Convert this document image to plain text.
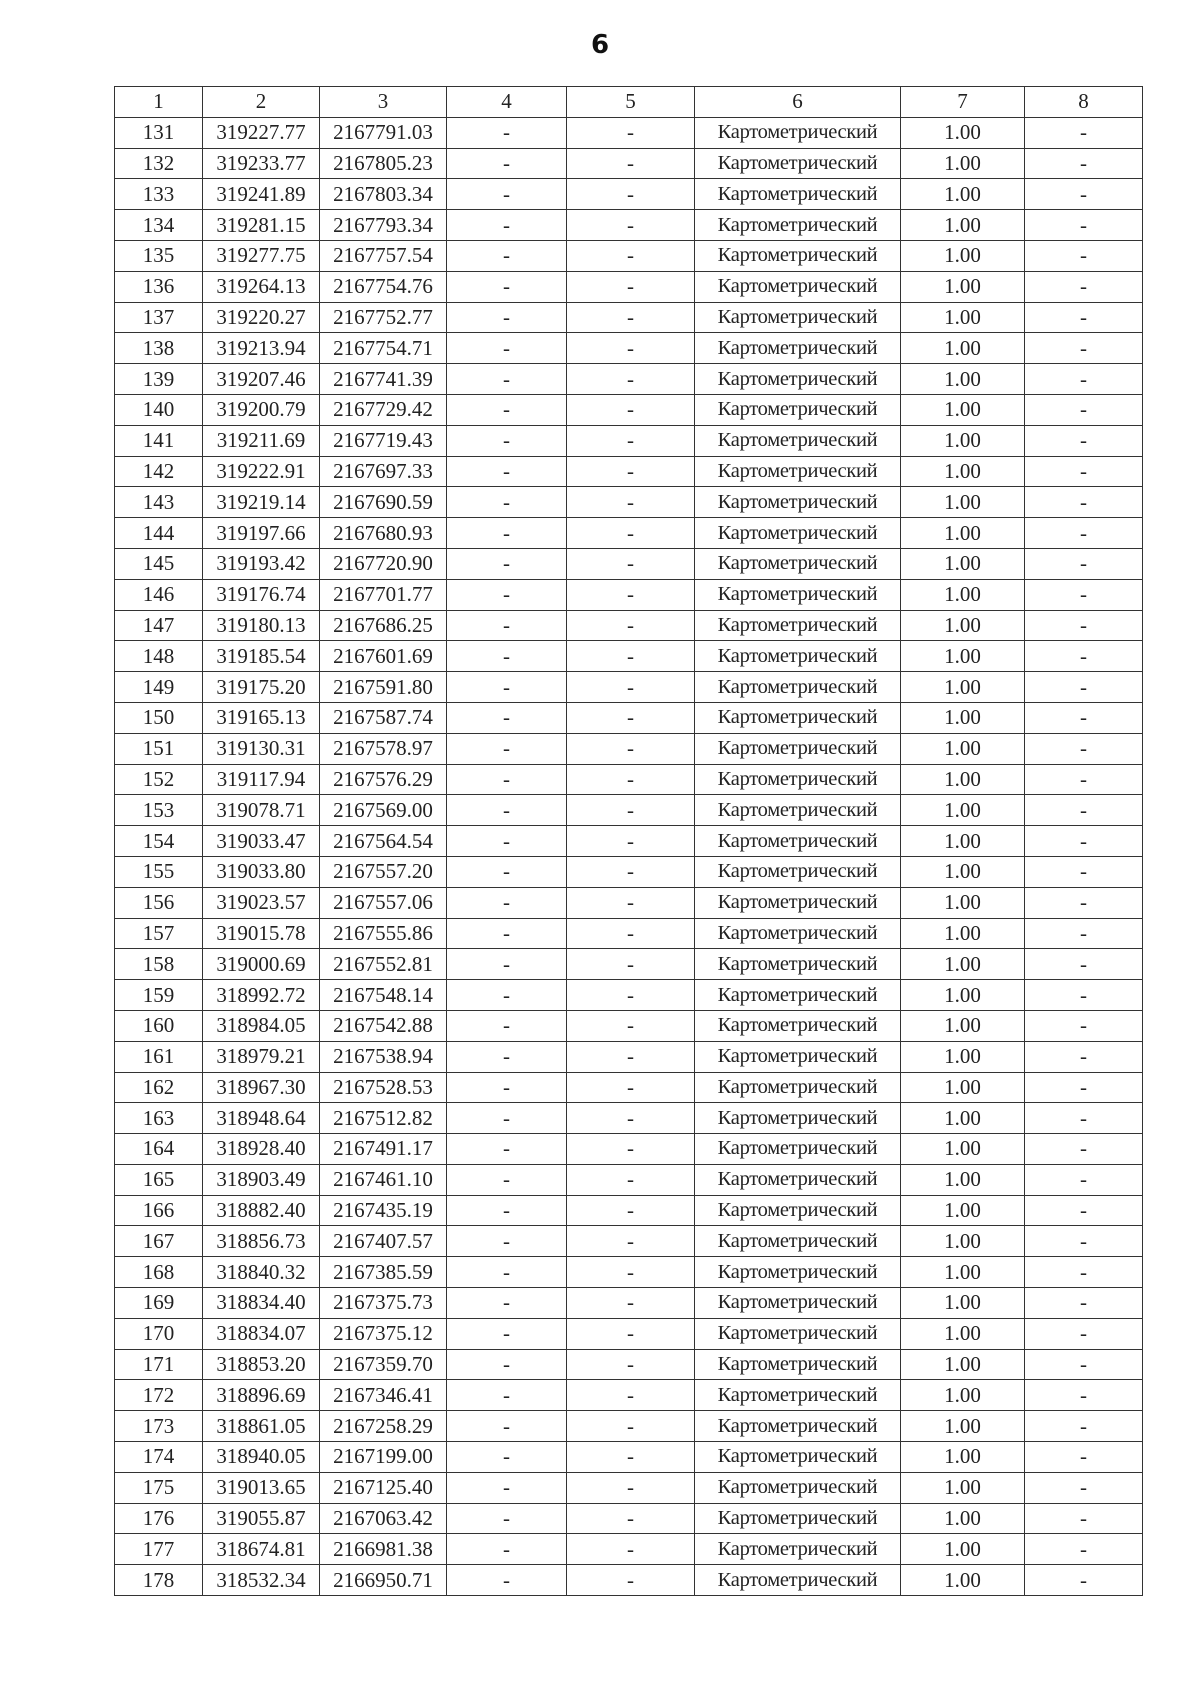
6
1	2	3	4	5	6	7	8
131	319227.77	2167791.03	-	-	Картометрический	1.00	-
132	319233.77	2167805.23	-	-	Картометрический	1.00	-
133	319241.89	2167803.34	-	-	Картометрический	1.00	-
134	319281.15	2167793.34	-	-	Картометрический	1.00	-
135	319277.75	2167757.54	-	-	Картометрический	1.00	-
136	319264.13	2167754.76	-	-	Картометрический	1.00	-
137	319220.27	2167752.77	-	-	Картометрический	1.00	-
138	319213.94	2167754.71	-	-	Картометрический	1.00	-
139	319207.46	2167741.39	-	-	Картометрический	1.00	-
140	319200.79	2167729.42	-	-	Картометрический	1.00	-
141	319211.69	2167719.43	-	-	Картометрический	1.00	-
142	319222.91	2167697.33	-	-	Картометрический	1.00	-
143	319219.14	2167690.59	-	-	Картометрический	1.00	-
144	319197.66	2167680.93	-	-	Картометрический	1.00	-
145	319193.42	2167720.90	-	-	Картометрический	1.00	-
146	319176.74	2167701.77	-	-	Картометрический	1.00	-
147	319180.13	2167686.25	-	-	Картометрический	1.00	-
148	319185.54	2167601.69	-	-	Картометрический	1.00	-
149	319175.20	2167591.80	-	-	Картометрический	1.00	-
150	319165.13	2167587.74	-	-	Картометрический	1.00	-
151	319130.31	2167578.97	-	-	Картометрический	1.00	-
152	319117.94	2167576.29	-	-	Картометрический	1.00	-
153	319078.71	2167569.00	-	-	Картометрический	1.00	-
154	319033.47	2167564.54	-	-	Картометрический	1.00	-
155	319033.80	2167557.20	-	-	Картометрический	1.00	-
156	319023.57	2167557.06	-	-	Картометрический	1.00	-
157	319015.78	2167555.86	-	-	Картометрический	1.00	-
158	319000.69	2167552.81	-	-	Картометрический	1.00	-
159	318992.72	2167548.14	-	-	Картометрический	1.00	-
160	318984.05	2167542.88	-	-	Картометрический	1.00	-
161	318979.21	2167538.94	-	-	Картометрический	1.00	-
162	318967.30	2167528.53	-	-	Картометрический	1.00	-
163	318948.64	2167512.82	-	-	Картометрический	1.00	-
164	318928.40	2167491.17	-	-	Картометрический	1.00	-
165	318903.49	2167461.10	-	-	Картометрический	1.00	-
166	318882.40	2167435.19	-	-	Картометрический	1.00	-
167	318856.73	2167407.57	-	-	Картометрический	1.00	-
168	318840.32	2167385.59	-	-	Картометрический	1.00	-
169	318834.40	2167375.73	-	-	Картометрический	1.00	-
170	318834.07	2167375.12	-	-	Картометрический	1.00	-
171	318853.20	2167359.70	-	-	Картометрический	1.00	-
172	318896.69	2167346.41	-	-	Картометрический	1.00	-
173	318861.05	2167258.29	-	-	Картометрический	1.00	-
174	318940.05	2167199.00	-	-	Картометрический	1.00	-
175	319013.65	2167125.40	-	-	Картометрический	1.00	-
176	319055.87	2167063.42	-	-	Картометрический	1.00	-
177	318674.81	2166981.38	-	-	Картометрический	1.00	-
178	318532.34	2166950.71	-	-	Картометрический	1.00	-
